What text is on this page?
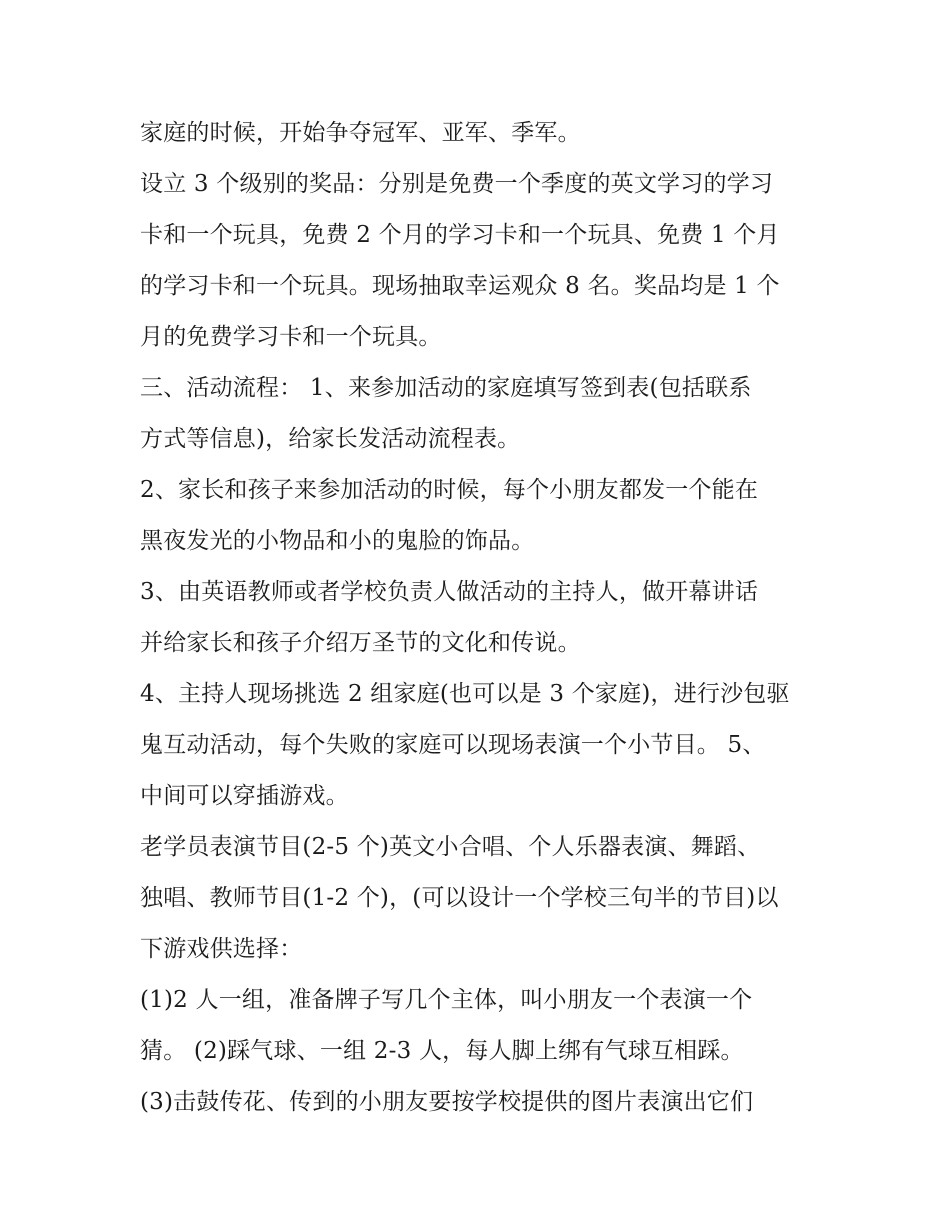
家庭的时候，开始争夺冠军、亚军、季军。
设立 3 个级别的奖品：分别是免费一个季度的英文学习的学习
卡和一个玩具，免费 2 个月的学习卡和一个玩具、免费 1 个月
的学习卡和一个玩具。现场抽取幸运观众 8 名。奖品均是 1 个
月的免费学习卡和一个玩具。
三、活动流程： 1、来参加活动的家庭填写签到表(包括联系
方式等信息)，给家长发活动流程表。
2、家长和孩子来参加活动的时候，每个小朋友都发一个能在
黑夜发光的小物品和小的鬼脸的饰品。
3、由英语教师或者学校负责人做活动的主持人，做开幕讲话
并给家长和孩子介绍万圣节的文化和传说。
4、主持人现场挑选 2 组家庭(也可以是 3 个家庭)，进行沙包驱
鬼互动活动，每个失败的家庭可以现场表演一个小节目。 5、
中间可以穿插游戏。
老学员表演节目(2-5 个)英文小合唱、个人乐器表演、舞蹈、
独唱、教师节目(1-2 个)，(可以设计一个学校三句半的节目)以
下游戏供选择：
(1)2 人一组，准备牌子写几个主体，叫小朋友一个表演一个
猜。 (2)踩气球、一组 2-3 人，每人脚上绑有气球互相踩。
(3)击鼓传花、传到的小朋友要按学校提供的图片表演出它们
